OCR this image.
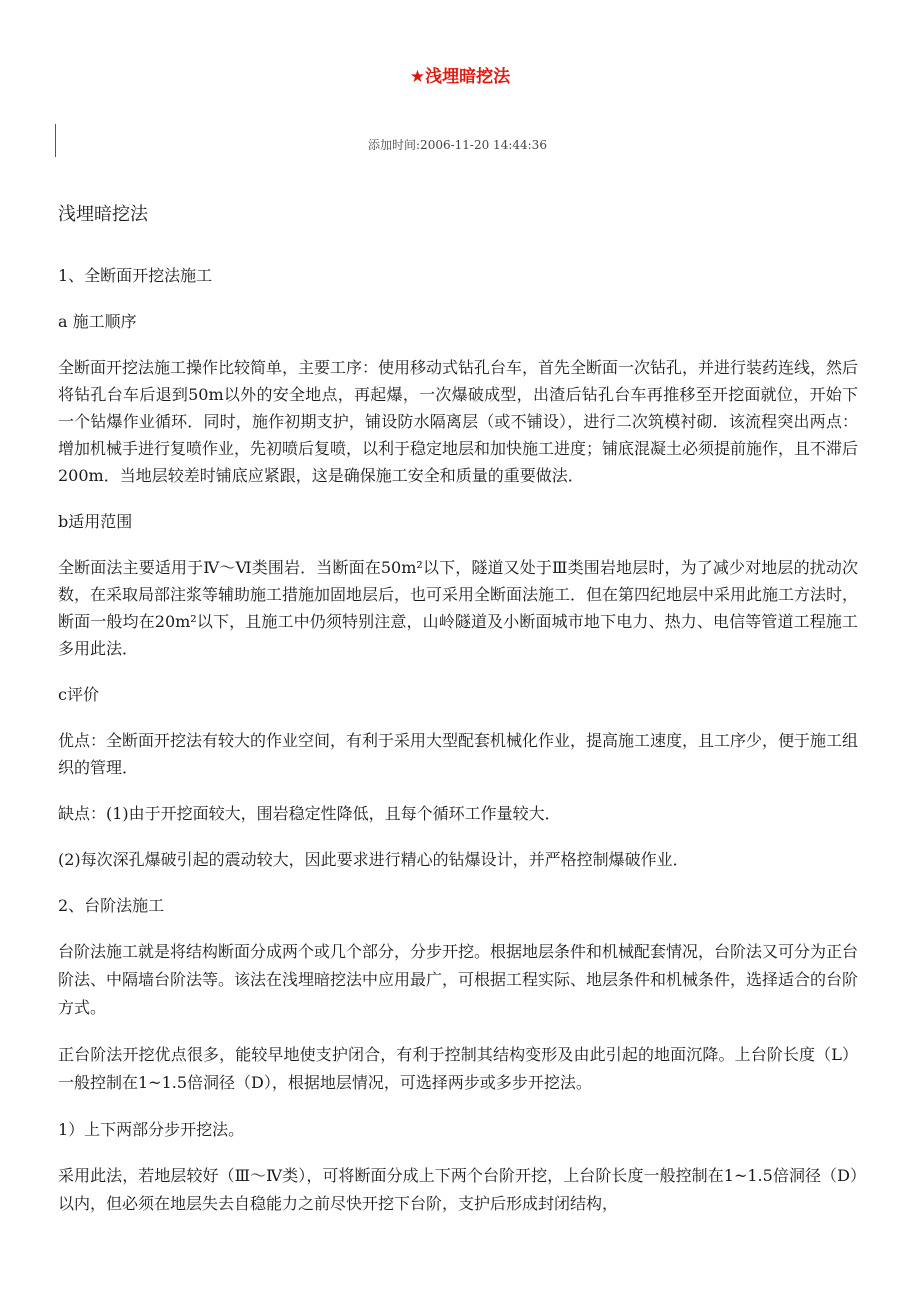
★浅埋暗挖法
添加时间:2006-11-20 14:44:36
浅埋暗挖法

1、全断面开挖法施工

a 施工顺序

全断面开挖法施工操作比较简单，主要工序：使用移动式钻孔台车，首先全断面一次钻孔，并进行装药连线，然后将钻孔台车后退到50m以外的安全地点，再起爆，一次爆破成型，出渣后钻孔台车再推移至开挖面就位，开始下一个钻爆作业循环．同时，施作初期支护，铺设防水隔离层（或不铺设），进行二次筑模衬砌．该流程突出两点：增加机械手进行复喷作业，先初喷后复喷，以利于稳定地层和加快施工进度；铺底混凝土必须提前施作，且不滞后200m．当地层较差时铺底应紧跟，这是确保施工安全和质量的重要做法．

b适用范围

全断面法主要适用于Ⅳ～Ⅵ类围岩．当断面在50m²以下，隧道又处于Ⅲ类围岩地层时，为了减少对地层的扰动次数，在采取局部注浆等辅助施工措施加固地层后，也可采用全断面法施工．但在第四纪地层中采用此施工方法时，断面一般均在20m²以下，且施工中仍须特别注意，山岭隧道及小断面城市地下电力、热力、电信等管道工程施工多用此法．

c评价

优点：全断面开挖法有较大的作业空间，有利于采用大型配套机械化作业，提高施工速度，且工序少，便于施工组织的管理．

缺点：(1)由于开挖面较大，围岩稳定性降低，且每个循环工作量较大．

(2)每次深孔爆破引起的震动较大，因此要求进行精心的钻爆设计，并严格控制爆破作业．

2、台阶法施工

台阶法施工就是将结构断面分成两个或几个部分，分步开挖。根据地层条件和机械配套情况，台阶法又可分为正台阶法、中隔墙台阶法等。该法在浅埋暗挖法中应用最广，可根据工程实际、地层条件和机械条件，选择适合的台阶方式。

正台阶法开挖优点很多，能较早地使支护闭合，有利于控制其结构变形及由此引起的地面沉降。上台阶长度（L）一般控制在1~1.5倍洞径（D），根据地层情况，可选择两步或多步开挖法。

1）上下两部分步开挖法。

采用此法，若地层较好（Ⅲ～Ⅳ类），可将断面分成上下两个台阶开挖，上台阶长度一般控制在1~1.5倍洞径（D）以内，但必须在地层失去自稳能力之前尽快开挖下台阶，支护后形成封闭结构，
